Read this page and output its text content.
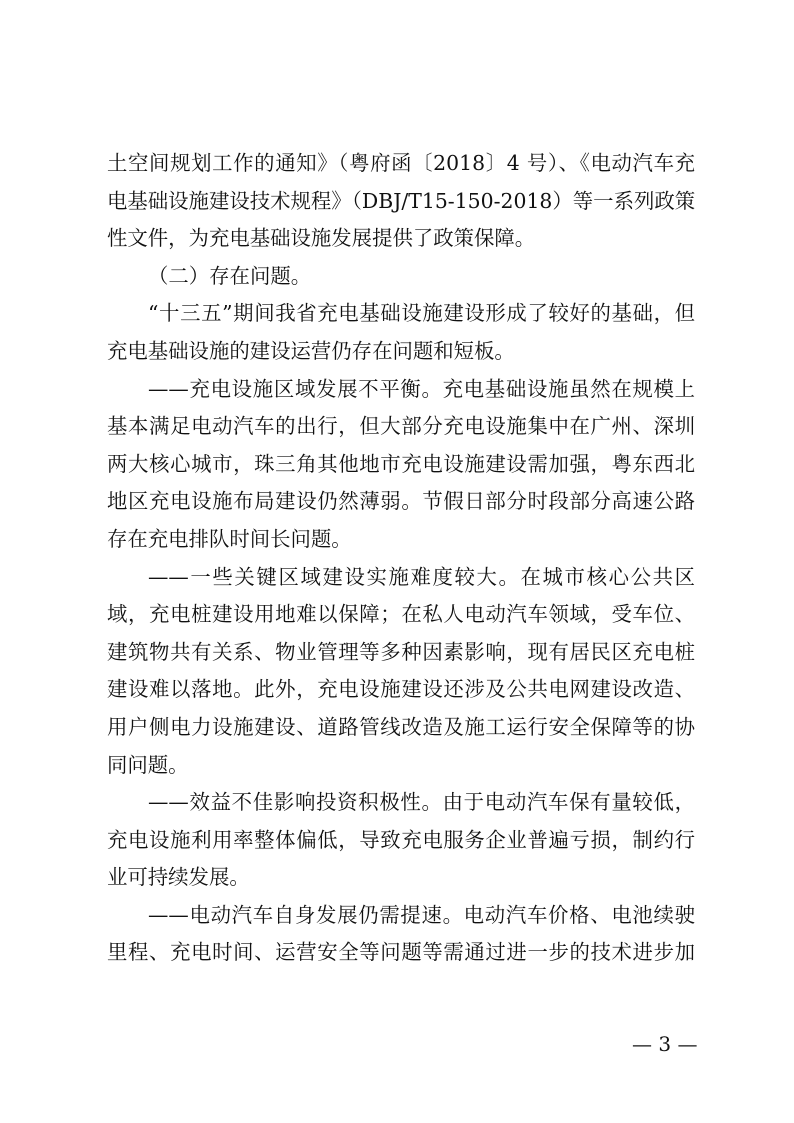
土空间规划工作的通知》（粤府函〔2018〕4 号）、《电动汽车充
电基础设施建设技术规程》（DBJ/T15-150-2018）等一系列政策
性文件，为充电基础设施发展提供了政策保障。
（二）存在问题。
“十三五”期间我省充电基础设施建设形成了较好的基础，但
充电基础设施的建设运营仍存在问题和短板。
——充电设施区域发展不平衡。充电基础设施虽然在规模上
基本满足电动汽车的出行，但大部分充电设施集中在广州、深圳
两大核心城市，珠三角其他地市充电设施建设需加强，粤东西北
地区充电设施布局建设仍然薄弱。节假日部分时段部分高速公路
存在充电排队时间长问题。
——一些关键区域建设实施难度较大。在城市核心公共区
域，充电桩建设用地难以保障；在私人电动汽车领域，受车位、
建筑物共有关系、物业管理等多种因素影响，现有居民区充电桩
建设难以落地。此外，充电设施建设还涉及公共电网建设改造、
用户侧电力设施建设、道路管线改造及施工运行安全保障等的协
同问题。
——效益不佳影响投资积极性。由于电动汽车保有量较低，
充电设施利用率整体偏低，导致充电服务企业普遍亏损，制约行
业可持续发展。
——电动汽车自身发展仍需提速。电动汽车价格、电池续驶
里程、充电时间、运营安全等问题等需通过进一步的技术进步加
— 3 —
